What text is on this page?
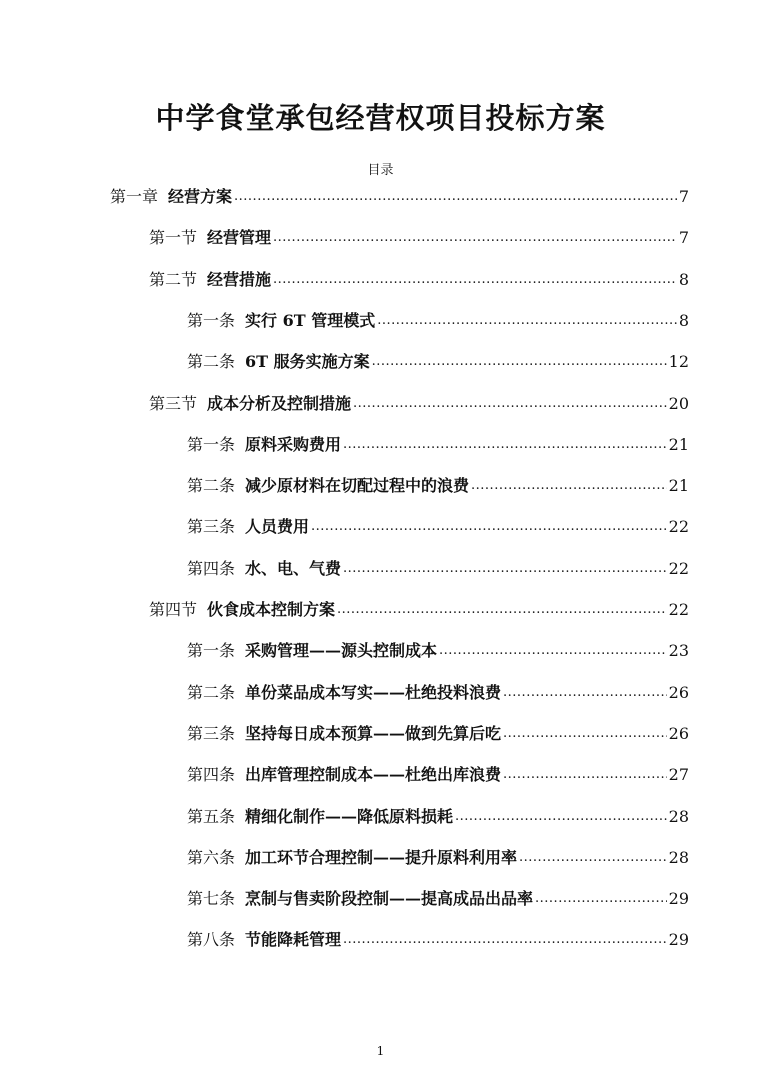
中学食堂承包经营权项目投标方案
目录
第一章 经营方案 .....	7
第一节 经营管理 .....	7
第二节 经营措施 .....	8
第一条 实行 6T 管理模式 .....	8
第二条 6T 服务实施方案 .....	12
第三节 成本分析及控制措施 .....	20
第一条 原料采购费用 .....	21
第二条 减少原材料在切配过程中的浪费 .....	21
第三条 人员费用 .....	22
第四条 水、电、气费 .....	22
第四节 伙食成本控制方案 .....	22
第一条 采购管理——源头控制成本 .....	23
第二条 单份菜品成本写实——杜绝投料浪费 .....	26
第三条 坚持每日成本预算——做到先算后吃 .....	26
第四条 出库管理控制成本——杜绝出库浪费 .....	27
第五条 精细化制作——降低原料损耗 .....	28
第六条 加工环节合理控制——提升原料利用率 .....	28
第七条 烹制与售卖阶段控制——提高成品出品率 .....	29
第八条 节能降耗管理 .....	29
1
